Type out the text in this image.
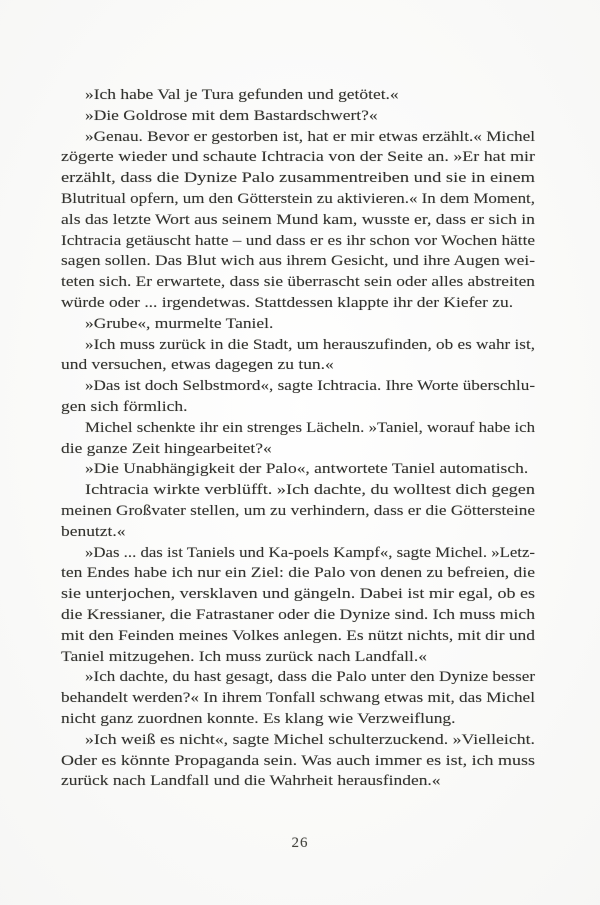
»Ich habe Val je Tura gefunden und getötet.«
»Die Goldrose mit dem Bastardschwert?«
»Genau. Bevor er gestorben ist, hat er mir etwas erzählt.« Michel
zögerte wieder und schaute Ichtracia von der Seite an. »Er hat mir
erzählt, dass die Dynize Palo zusammentreiben und sie in einem
Blutritual opfern, um den Götterstein zu aktivieren.« In dem Moment,
als das letzte Wort aus seinem Mund kam, wusste er, dass er sich in
Ichtracia getäuscht hatte – und dass er es ihr schon vor Wochen hätte
sagen sollen. Das Blut wich aus ihrem Gesicht, und ihre Augen wei-
teten sich. Er erwartete, dass sie überrascht sein oder alles abstreiten
würde oder ... irgendetwas. Stattdessen klappte ihr der Kiefer zu.
»Grube«, murmelte Taniel.
»Ich muss zurück in die Stadt, um herauszufinden, ob es wahr ist,
und versuchen, etwas dagegen zu tun.«
»Das ist doch Selbstmord«, sagte Ichtracia. Ihre Worte überschlu-
gen sich förmlich.
Michel schenkte ihr ein strenges Lächeln. »Taniel, worauf habe ich
die ganze Zeit hingearbeitet?«
»Die Unabhängigkeit der Palo«, antwortete Taniel automatisch.
Ichtracia wirkte verblüfft. »Ich dachte, du wolltest dich gegen
meinen Großvater stellen, um zu verhindern, dass er die Göttersteine
benutzt.«
»Das ... das ist Taniels und Ka-poels Kampf«, sagte Michel. »Letz-
ten Endes habe ich nur ein Ziel: die Palo von denen zu befreien, die
sie unterjochen, versklaven und gängeln. Dabei ist mir egal, ob es
die Kressianer, die Fatrastaner oder die Dynize sind. Ich muss mich
mit den Feinden meines Volkes anlegen. Es nützt nichts, mit dir und
Taniel mitzugehen. Ich muss zurück nach Landfall.«
»Ich dachte, du hast gesagt, dass die Palo unter den Dynize besser
behandelt werden?« In ihrem Tonfall schwang etwas mit, das Michel
nicht ganz zuordnen konnte. Es klang wie Verzweiflung.
»Ich weiß es nicht«, sagte Michel schulterzuckend. »Vielleicht.
Oder es könnte Propaganda sein. Was auch immer es ist, ich muss
zurück nach Landfall und die Wahrheit herausfinden.«
26
